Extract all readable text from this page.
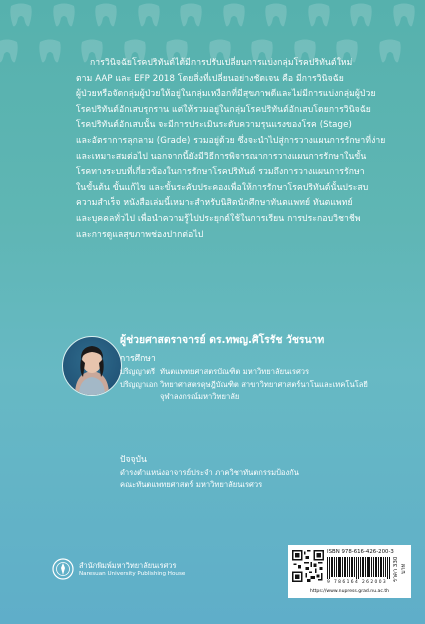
การวินิจฉัยโรคปริทันต์ได้มีการปรับเปลี่ยนการแบ่งกลุ่มโรคปริทันต์ใหม่
ตาม AAP และ EFP 2018 โดยสิ่งที่เปลี่ยนอย่างชัดเจน คือ มีการวินิจฉัย
ผู้ป่วยหรือจัดกลุ่มผู้ป่วยให้อยู่ในกลุ่มเหงือกที่มีสุขภาพดีและไม่มีการแบ่งกลุ่มผู้ป่วย
โรคปริทันต์อักเสบรุกราน แต่ให้รวมอยู่ในกลุ่มโรคปริทันต์อักเสบโดยการวินิจฉัย
โรคปริทันต์อักเสบนั้น จะมีการประเมินระดับความรุนแรงของโรค (Stage)
และอัตราการลุกลาม (Grade) รวมอยู่ด้วย ซึ่งจะนำไปสู่การวางแผนการรักษาที่ง่าย
และเหมาะสมต่อไป นอกจากนี้ยังมีวิธีการพิจารณาการวางแผนการรักษาในขั้น
โรคทางระบบที่เกี่ยวข้องในการรักษาโรคปริทันต์ รวมถึงการวางแผนการรักษา
ในขั้นต้น ขั้นแก้ไข และขั้นระคับประคองเพื่อให้การรักษาโรคปริทันต์นั้นประสบ
ความสำเร็จ หนังสือเล่มนี้เหมาะสำหรับนิสิตนักศึกษาทันตแพทย์ ทันตแพทย์
และบุคคลทั่วไป เพื่อนำความรู้ไปประยุกต์ใช้ในการเรียน การประกอบวิชาชีพ
และการดูแลสุขภาพช่องปากต่อไป
ผู้ช่วยศาสตราจารย์ ดร.ทพญ.ศิโรรัช วัชรนาท
การศึกษา
ปริญญาตรี ทันตแพทยศาสตรบัณฑิต มหาวิทยาลัยนเรศวร
ปริญญาเอก วิทยาศาสตรดุษฎีบัณฑิต สาขาวิทยาศาสตร์นาโนและเทคโนโลยี
จุฬาลงกรณ์มหาวิทยาลัย
ปัจจุบัน
ดำรงตำแหน่งอาจารย์ประจำ ภาควิชาทันตกรรมป้องกัน
คณะทันตแพทยศาสตร์ มหาวิทยาลัยนเรศวร
สำนักพิมพ์มหาวิทยาลัยนเรศวร
Naresuan University Publishing House
ISBN 978-616-426-200-3
9 786164 262003
ราคา 330 บาท
https://www.nupress.grad.nu.ac.th
